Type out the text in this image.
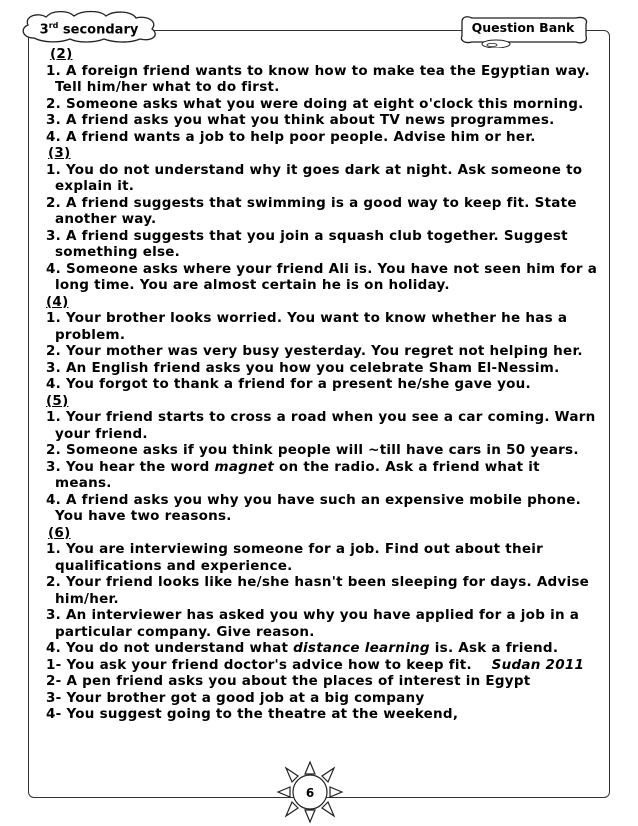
3rd secondary	Question Bank
(2)
1. A foreign friend wants to know how to make tea the Egyptian way.
Tell him/her what to do first.
2. Someone asks what you were doing at eight o'clock this morning.
3. A friend asks you what you think about TV news programmes.
4. A friend wants a job to help poor people. Advise him or her.
(3)
1. You do not understand why it goes dark at night. Ask someone to
explain it.
2. A friend suggests that swimming is a good way to keep fit. State
another way.
3. A friend suggests that you join a squash club together. Suggest
something else.
4. Someone asks where your friend Ali is. You have not seen him for a
long time. You are almost certain he is on holiday.
(4)
1. Your brother looks worried. You want to know whether he has a
problem.
2. Your mother was very busy yesterday. You regret not helping her.
3. An English friend asks you how you celebrate Sham El-Nessim.
4. You forgot to thank a friend for a present he/she gave you.
(5)
1. Your friend starts to cross a road when you see a car coming. Warn
your friend.
2. Someone asks if you think people will ~till have cars in 50 years.
3. You hear the word magnet on the radio. Ask a friend what it
means.
4. A friend asks you why you have such an expensive mobile phone.
You have two reasons.
(6)
1. You are interviewing someone for a job. Find out about their
qualifications and experience.
2. Your friend looks like he/she hasn't been sleeping for days. Advise
him/her.
3. An interviewer has asked you why you have applied for a job in a
particular company. Give reason.
4. You do not understand what distance learning is. Ask a friend.
1- You ask your friend doctor's advice how to keep fit.    Sudan 2011
2- A pen friend asks you about the places of interest in Egypt
3- Your brother got a good job at a big company
4- You suggest going to the theatre at the weekend,
6
